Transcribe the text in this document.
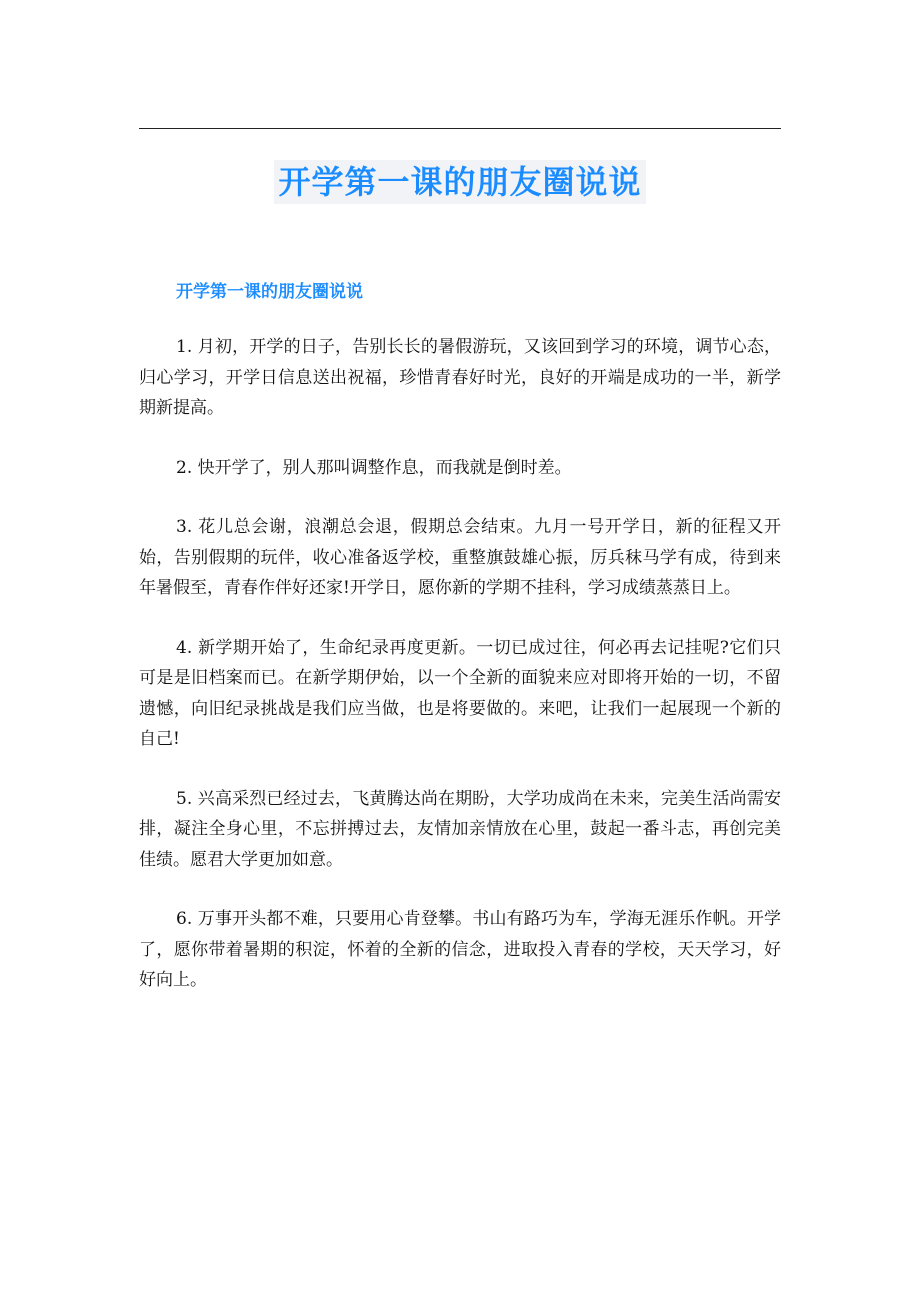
开学第一课的朋友圈说说
开学第一课的朋友圈说说

1. 月初，开学的日子，告别长长的暑假游玩，又该回到学习的环境，调节心态，归心学习，开学日信息送出祝福，珍惜青春好时光，良好的开端是成功的一半，新学期新提高。

2. 快开学了，别人那叫调整作息，而我就是倒时差。

3. 花儿总会谢，浪潮总会退，假期总会结束。九月一号开学日，新的征程又开始，告别假期的玩伴，收心准备返学校，重整旗鼓雄心振，厉兵秣马学有成，待到来年暑假至，青春作伴好还家!开学日，愿你新的学期不挂科，学习成绩蒸蒸日上。

4. 新学期开始了，生命纪录再度更新。一切已成过往，何必再去记挂呢?它们只可是是旧档案而已。在新学期伊始，以一个全新的面貌来应对即将开始的一切，不留遗憾，向旧纪录挑战是我们应当做，也是将要做的。来吧，让我们一起展现一个新的自己!

5. 兴高采烈已经过去，飞黄腾达尚在期盼，大学功成尚在未来，完美生活尚需安排，凝注全身心里，不忘拼搏过去，友情加亲情放在心里，鼓起一番斗志，再创完美佳绩。愿君大学更加如意。

6. 万事开头都不难，只要用心肯登攀。书山有路巧为车，学海无涯乐作帆。开学了，愿你带着暑期的积淀，怀着的全新的信念，进取投入青春的学校，天天学习，好好向上。
